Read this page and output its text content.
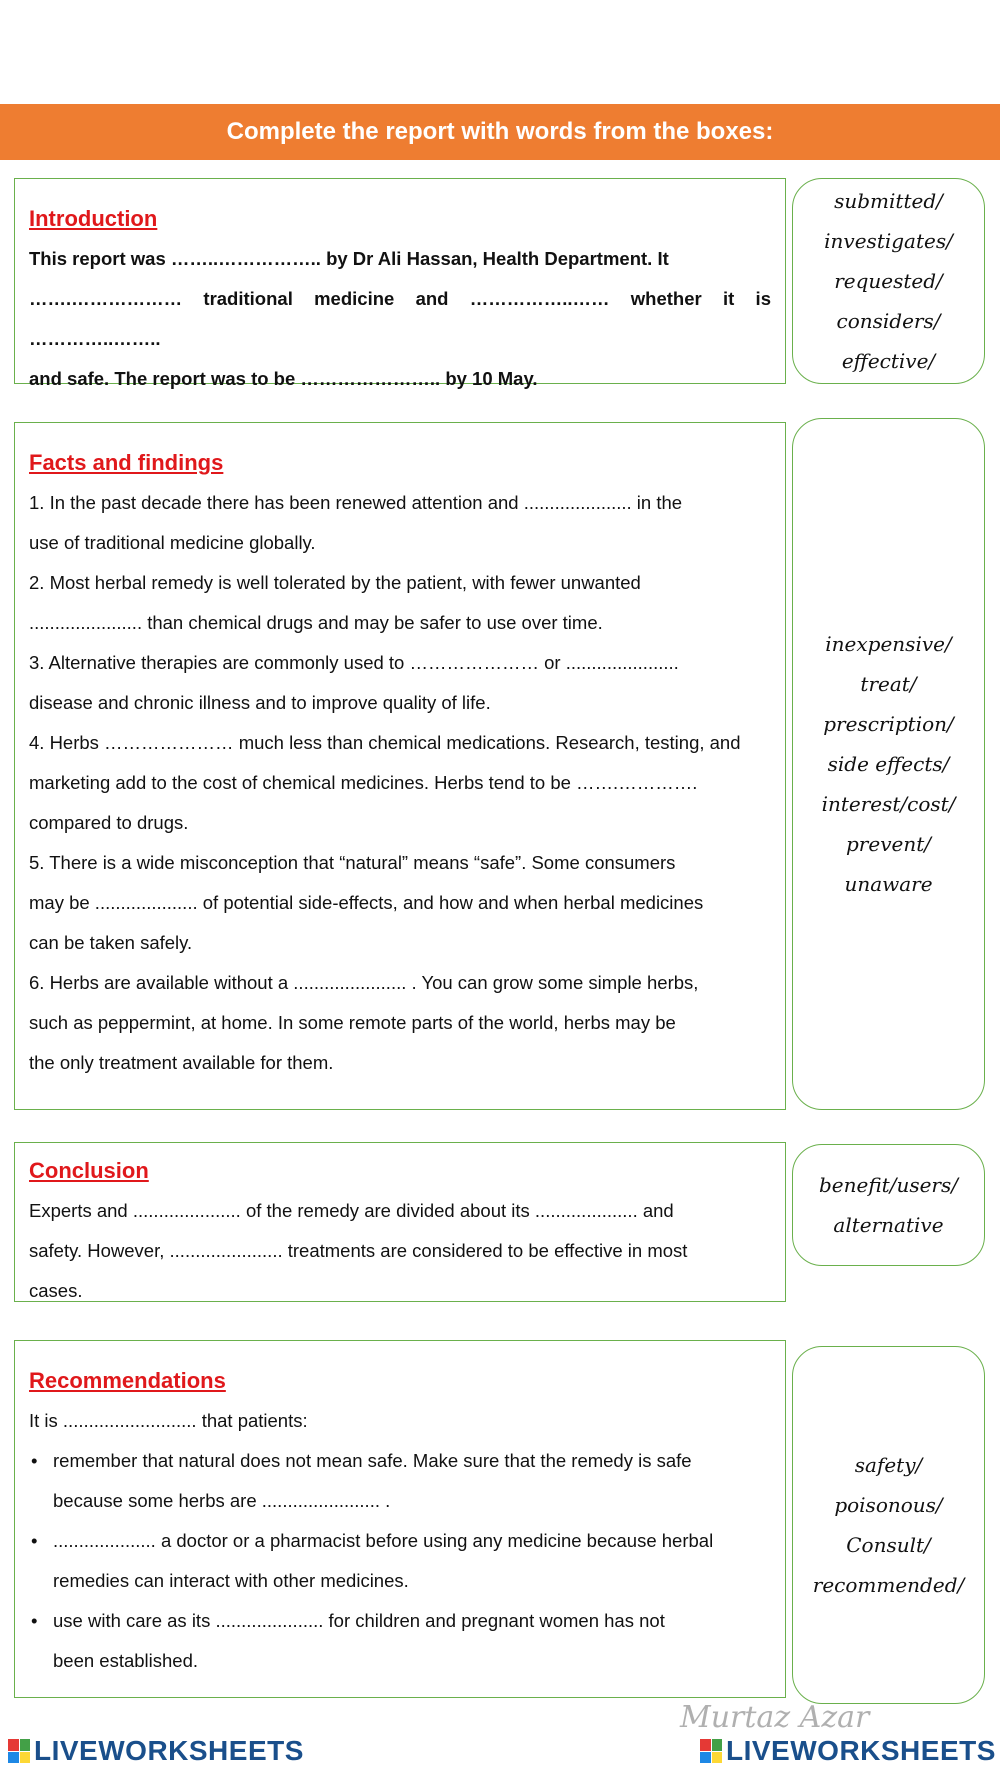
Complete the report with words from the boxes:
Introduction

This report was ……..…………….. by Dr Ali Hassan, Health Department. It

…….……………… traditional medicine and ……………..…… whether it is …………..……..

and safe. The report was to be ………………….. by 10 May.

submitted/
investigates/
requested/
considers/
effective/
Facts and findings

1. In the past decade there has been renewed attention and ..................... in the

use of traditional medicine globally.

2. Most herbal remedy is well tolerated by the patient, with fewer unwanted

...................... than chemical drugs and may be safer to use over time.

3. Alternative therapies are commonly used to ………………… or ......................

disease and chronic illness and to improve quality of life.

4. Herbs ………………… much less than chemical medications. Research, testing, and

marketing add to the cost of chemical medicines. Herbs tend to be …….………….

compared to drugs.

5. There is a wide misconception that “natural” means “safe”. Some consumers

may be .................... of potential side-effects, and how and when herbal medicines

can be taken safely.

6. Herbs are available without a ...................... . You can grow some simple herbs,

such as peppermint, at home. In some remote parts of the world, herbs may be

the only treatment available for them.

inexpensive/
treat/
prescription/
side effects/
interest/cost/
prevent/
unaware
Conclusion

Experts and ..................... of the remedy are divided about its .................... and

safety. However, ...................... treatments are considered to be effective in most

cases.

benefit/users/
alternative
Recommendations

It is .......................... that patients:

• remember that natural does not mean safe. Make sure that the remedy is safe
because some herbs are ....................... .
• .................... a doctor or a pharmacist before using any medicine because herbal
remedies can interact with other medicines.
• use with care as its ..................... for children and pregnant women has not
been established.
safety/
poisonous/
Consult/
recommended/
Murtaz Azar
LIVEWORKSHEETS	LIVEWORKSHEETS
